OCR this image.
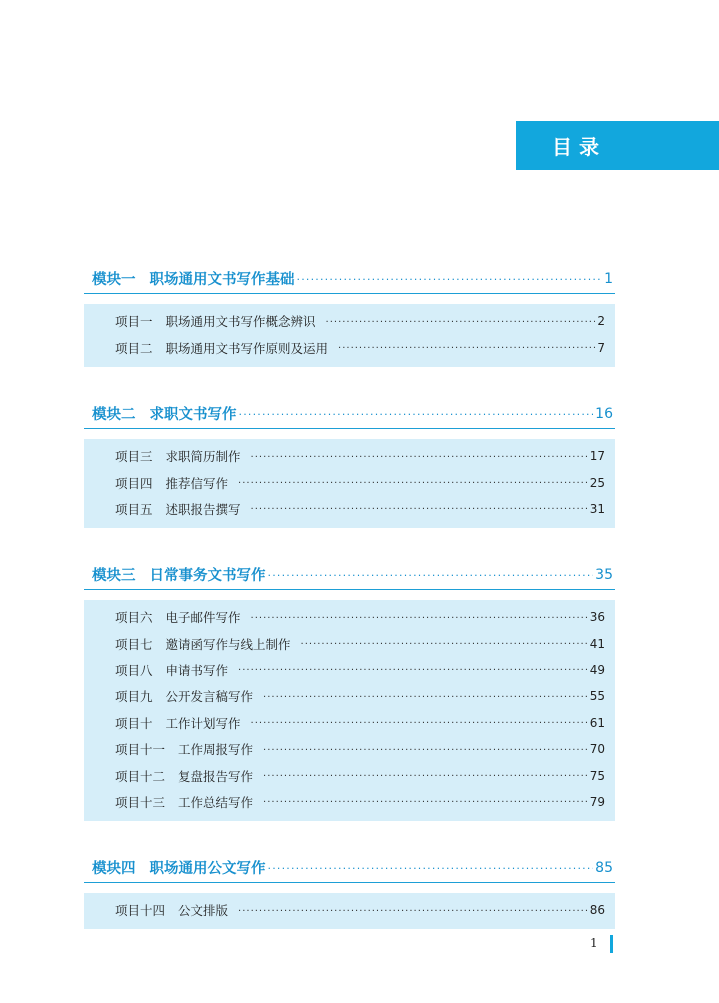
目 录
模块一 职场通用文书写作基础 ·····	1
项目一 职场通用文书写作概念辨识 ·····	2
项目二 职场通用文书写作原则及运用 ·····	7
模块二 求职文书写作 ·····	16
项目三 求职简历制作 ·····	17
项目四 推荐信写作 ·····	25
项目五 述职报告撰写 ·····	31
模块三 日常事务文书写作 ·····	35
项目六 电子邮件写作 ·····	36
项目七 邀请函写作与线上制作 ·····	41
项目八 申请书写作 ·····	49
项目九 公开发言稿写作 ·····	55
项目十 工作计划写作 ·····	61
项目十一 工作周报写作 ·····	70
项目十二 复盘报告写作 ·····	75
项目十三 工作总结写作 ·····	79
模块四 职场通用公文写作 ·····	85
项目十四 公文排版 ·····	86
1
